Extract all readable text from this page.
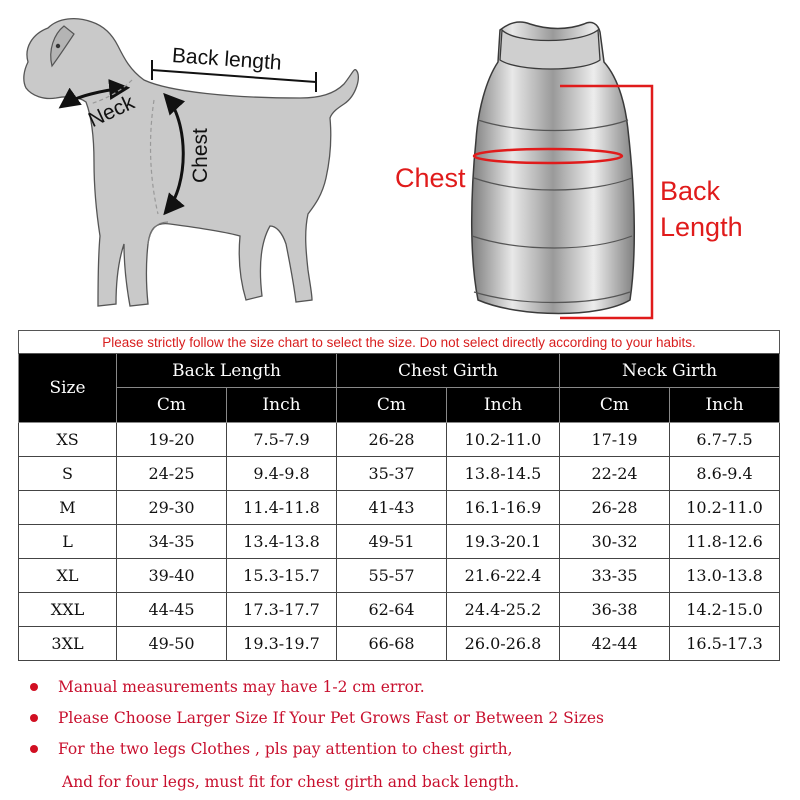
Back length
Neck
Chest	Chest	Back
Length
Please strictly follow the size chart to select the size. Do not select directly according to your habits.						
Size	Back Length		Chest Girth		Neck Girth	
	Cm	Inch	Cm	Inch	Cm	Inch
XS	19-20	7.5-7.9	26-28	10.2-11.0	17-19	6.7-7.5
S	24-25	9.4-9.8	35-37	13.8-14.5	22-24	8.6-9.4
M	29-30	11.4-11.8	41-43	16.1-16.9	26-28	10.2-11.0
L	34-35	13.4-13.8	49-51	19.3-20.1	30-32	11.8-12.6
XL	39-40	15.3-15.7	55-57	21.6-22.4	33-35	13.0-13.8
XXL	44-45	17.3-17.7	62-64	24.4-25.2	36-38	14.2-15.0
3XL	49-50	19.3-19.7	66-68	26.0-26.8	42-44	16.5-17.3
Manual measurements may have 1-2 cm error.
Please Choose Larger Size If Your Pet Grows Fast or Between 2 Sizes
For the two legs Clothes , pls pay attention to chest girth,
And for four legs, must fit for chest girth and back length.
